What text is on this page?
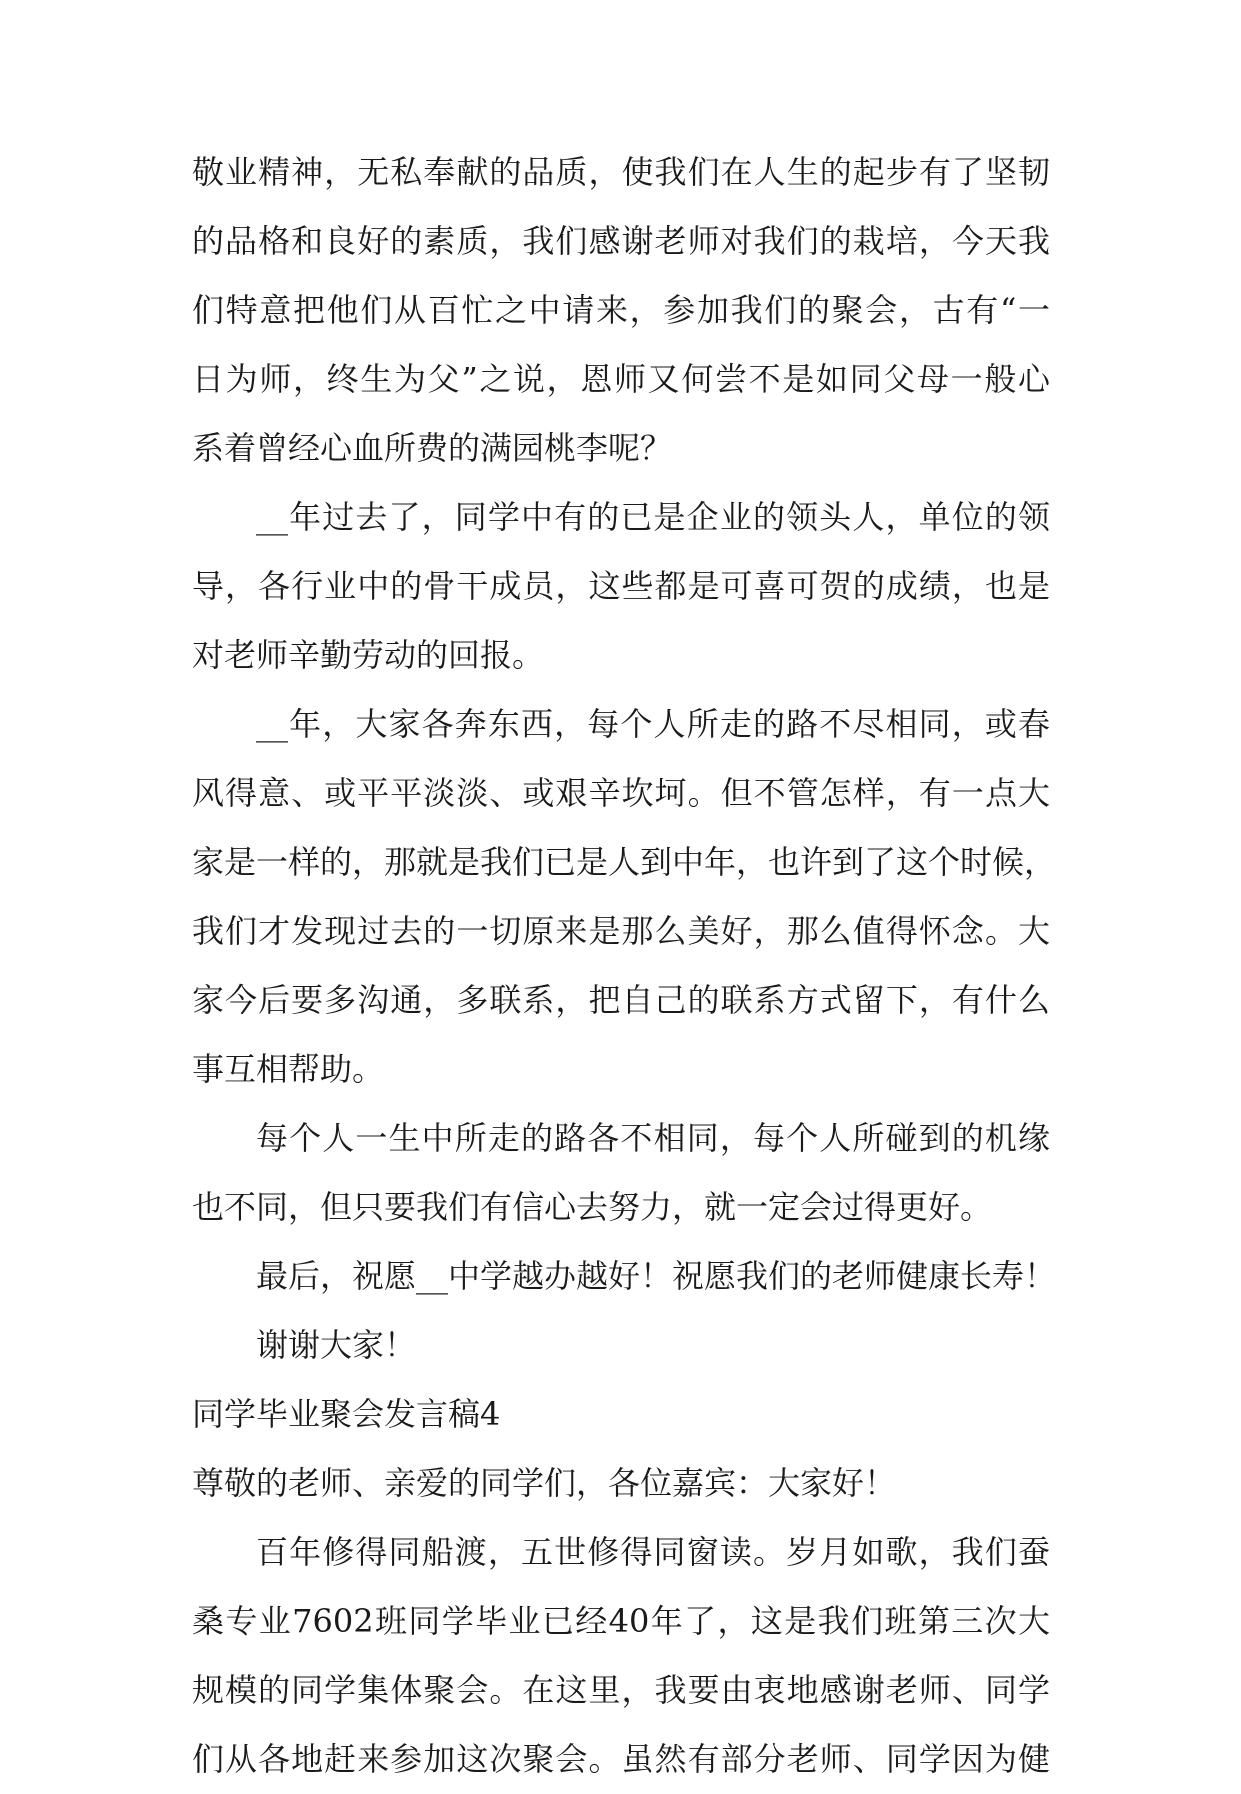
敬业精神，无私奉献的品质，使我们在人生的起步有了坚韧
的品格和良好的素质，我们感谢老师对我们的栽培，今天我
们特意把他们从百忙之中请来，参加我们的聚会，古有“一
日为师，终生为父”之说，恩师又何尝不是如同父母一般心
系着曾经心血所费的满园桃李呢？
__年过去了，同学中有的已是企业的领头人，单位的领
导，各行业中的骨干成员，这些都是可喜可贺的成绩，也是
对老师辛勤劳动的回报。
__年，大家各奔东西，每个人所走的路不尽相同，或春
风得意、或平平淡淡、或艰辛坎坷。但不管怎样，有一点大
家是一样的，那就是我们已是人到中年，也许到了这个时候，
我们才发现过去的一切原来是那么美好，那么值得怀念。大
家今后要多沟通，多联系，把自己的联系方式留下，有什么
事互相帮助。
每个人一生中所走的路各不相同，每个人所碰到的机缘
也不同，但只要我们有信心去努力，就一定会过得更好。
最后，祝愿__中学越办越好！祝愿我们的老师健康长寿！
谢谢大家！
同学毕业聚会发言稿4
尊敬的老师、亲爱的同学们，各位嘉宾：大家好！
百年修得同船渡，五世修得同窗读。岁月如歌，我们蚕
桑专业7602班同学毕业已经40年了，这是我们班第三次大
规模的同学集体聚会。在这里，我要由衷地感谢老师、同学
们从各地赶来参加这次聚会。虽然有部分老师、同学因为健
